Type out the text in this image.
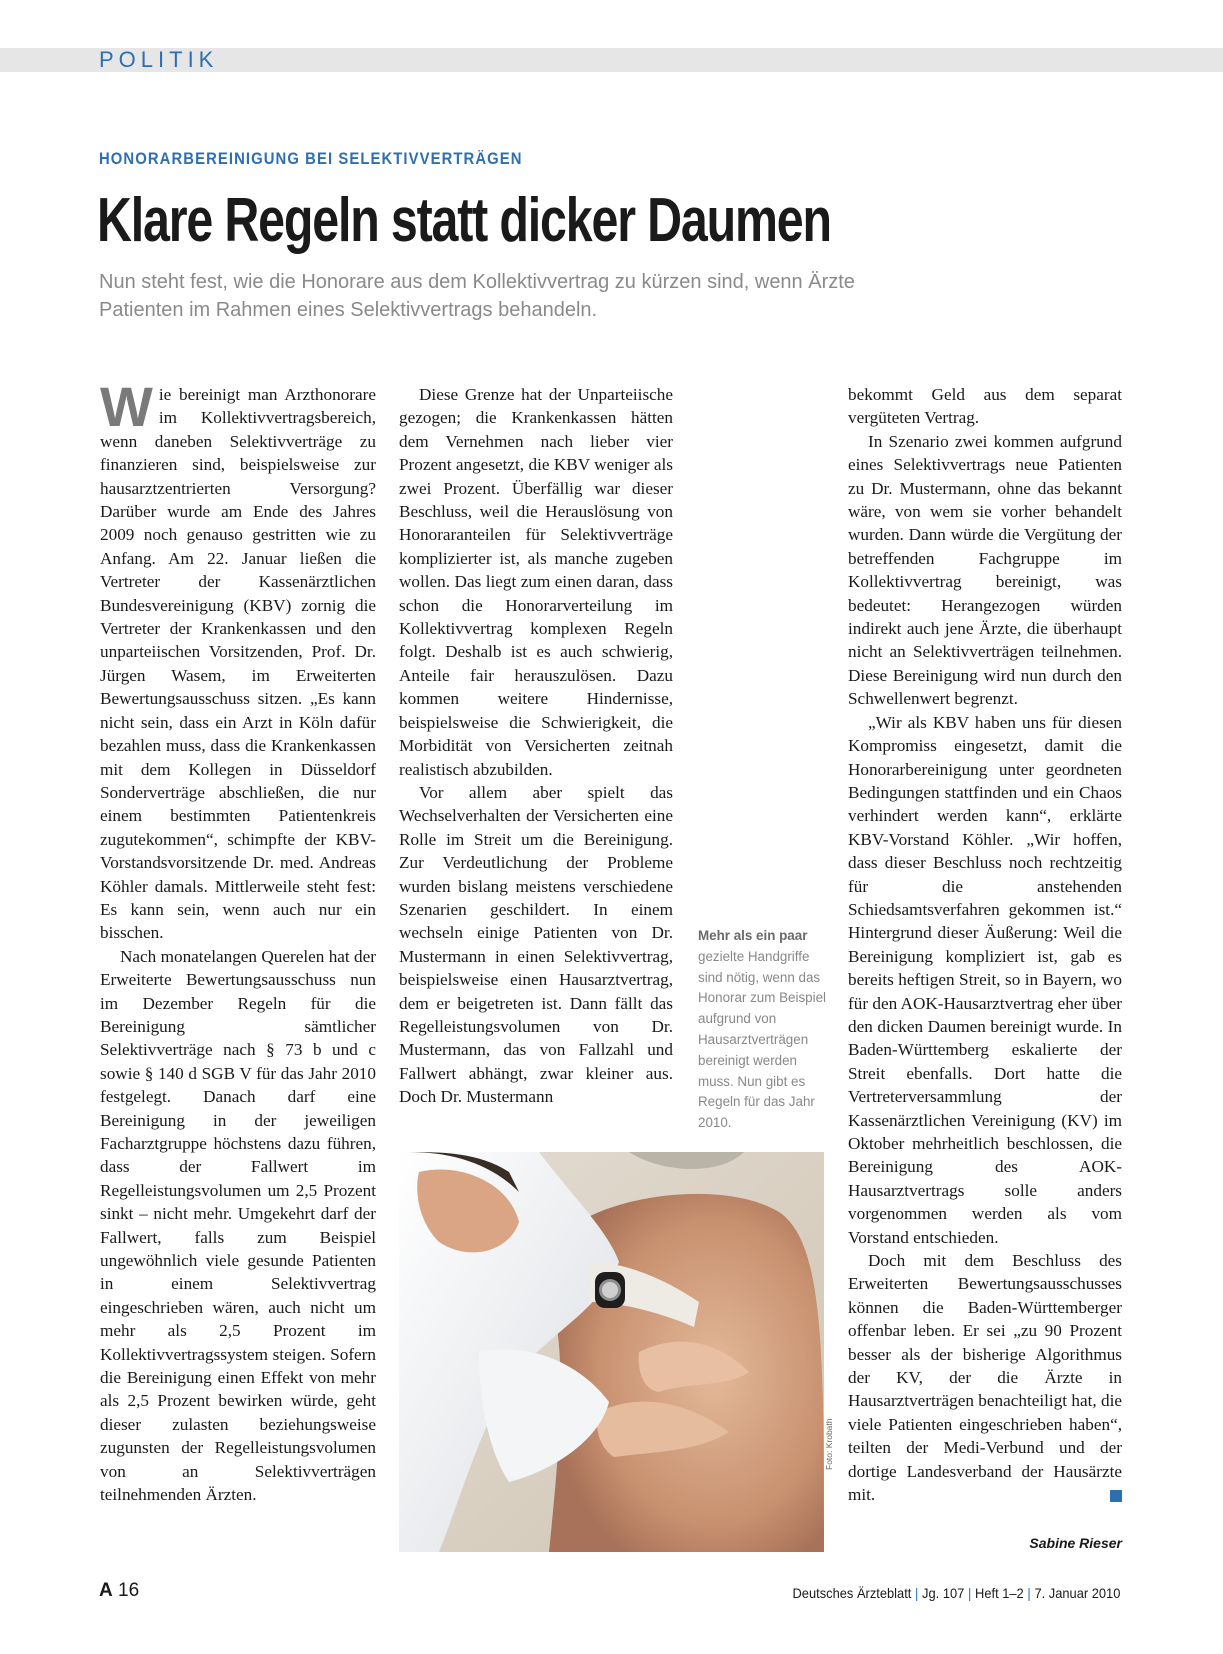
POLITIK
HONORARBEREINIGUNG BEI SELEKTIVVERTRÄGEN
Klare Regeln statt dicker Daumen

Nun steht fest, wie die Honorare aus dem Kollektivvertrag zu kürzen sind, wenn Ärzte Patienten im Rahmen eines Selektivvertrags behandeln.

Wie bereinigt man Arzthonorare im Kollektivvertragsbereich, wenn daneben Selektivverträge zu finanzieren sind, beispielsweise zur hausarztzentrierten Versorgung? Darüber wurde am Ende des Jahres 2009 noch genauso gestritten wie zu Anfang. Am 22. Januar ließen die Vertreter der Kassenärztlichen Bundesvereinigung (KBV) zornig die Vertreter der Krankenkassen und den unparteiischen Vorsitzenden, Prof. Dr. Jürgen Wasem, im Erweiterten Bewertungsausschuss sitzen. „Es kann nicht sein, dass ein Arzt in Köln dafür bezahlen muss, dass die Krankenkassen mit dem Kollegen in Düsseldorf Sonderverträge abschließen, die nur einem bestimmten Patientenkreis zugutekommen“, schimpfte der KBV-Vorstandsvorsitzende Dr. med. Andreas Köhler damals. Mittlerweile steht fest: Es kann sein, wenn auch nur ein bisschen.

Nach monatelangen Querelen hat der Erweiterte Bewertungsausschuss nun im Dezember Regeln für die Bereinigung sämtlicher Selektivverträge nach § 73 b und c sowie § 140 d SGB V für das Jahr 2010 festgelegt. Danach darf eine Bereinigung in der jeweiligen Facharztgruppe höchstens dazu führen, dass der Fallwert im Regelleistungsvolumen um 2,5 Prozent sinkt – nicht mehr. Umgekehrt darf der Fallwert, falls zum Beispiel ungewöhnlich viele gesunde Patienten in einem Selektivvertrag eingeschrieben wären, auch nicht um mehr als 2,5 Prozent im Kollektivvertragssystem steigen. Sofern die Bereinigung einen Effekt von mehr als 2,5 Prozent bewirken würde, geht dieser zulasten beziehungsweise zugunsten der Regelleistungsvolumen von an Selektivverträgen teilnehmenden Ärzten.

Diese Grenze hat der Unparteiische gezogen; die Krankenkassen hätten dem Vernehmen nach lieber vier Prozent angesetzt, die KBV weniger als zwei Prozent. Überfällig war dieser Beschluss, weil die Herauslösung von Honoraranteilen für Selektivverträge komplizierter ist, als manche zugeben wollen. Das liegt zum einen daran, dass schon die Honorarverteilung im Kollektivvertrag komplexen Regeln folgt. Deshalb ist es auch schwierig, Anteile fair herauszulösen. Dazu kommen weitere Hindernisse, beispielsweise die Schwierigkeit, die Morbidität von Versicherten zeitnah realistisch abzubilden.

Vor allem aber spielt das Wechselverhalten der Versicherten eine Rolle im Streit um die Bereinigung. Zur Verdeutlichung der Probleme wurden bislang meistens verschiedene Szenarien geschildert. In einem wechseln einige Patienten von Dr. Mustermann in einen Selektivvertrag, beispielsweise einen Hausarztvertrag, dem er beigetreten ist. Dann fällt das Regelleistungsvolumen von Dr. Mustermann, das von Fallzahl und Fallwert abhängt, zwar kleiner aus. Doch Dr. Mustermann

bekommt Geld aus dem separat vergüteten Vertrag.

In Szenario zwei kommen aufgrund eines Selektivvertrags neue Patienten zu Dr. Mustermann, ohne das bekannt wäre, von wem sie vorher behandelt wurden. Dann würde die Vergütung der betreffenden Fachgruppe im Kollektivvertrag bereinigt, was bedeutet: Herangezogen würden indirekt auch jene Ärzte, die überhaupt nicht an Selektivverträgen teilnehmen. Diese Bereinigung wird nun durch den Schwellenwert begrenzt.

„Wir als KBV haben uns für diesen Kompromiss eingesetzt, damit die Honorarbereinigung unter geordneten Bedingungen stattfinden und ein Chaos verhindert werden kann“, erklärte KBV-Vorstand Köhler. „Wir hoffen, dass dieser Beschluss noch rechtzeitig für die anstehenden Schiedsamtsverfahren gekommen ist.“ Hintergrund dieser Äußerung: Weil die Bereinigung kompliziert ist, gab es bereits heftigen Streit, so in Bayern, wo für den AOK-Hausarztvertrag eher über den dicken Daumen bereinigt wurde. In Baden-Württemberg eskalierte der Streit ebenfalls. Dort hatte die Vertreterversammlung der Kassenärztlichen Vereinigung (KV) im Oktober mehrheitlich beschlossen, die Bereinigung des AOK-Hausarztvertrags solle anders vorgenommen werden als vom Vorstand entschieden.

Doch mit dem Beschluss des Erweiterten Bewertungsausschusses können die Baden-Württemberger offenbar leben. Er sei „zu 90 Prozent besser als der bisherige Algorithmus der KV, der die Ärzte in Hausarztverträgen benachteiligt hat, die viele Patienten eingeschrieben haben“, teilten der Medi-Verbund und der dortige Landesverband der Hausärzte mit.

Mehr als ein paar
gezielte Handgriffe sind nötig, wenn das Honorar zum Beispiel aufgrund von Hausarztverträgen bereinigt werden muss. Nun gibt es Regeln für das Jahr 2010.
Foto: Krobath
Sabine Rieser
A 16	Deutsches Ärzteblatt | Jg. 107 | Heft 1–2 | 7. Januar 2010
